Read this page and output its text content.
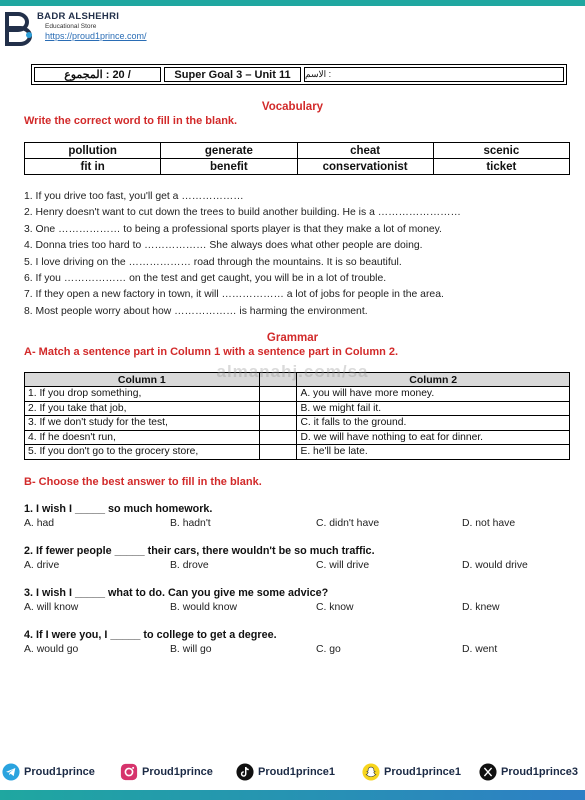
BADR ALSHEHRI
Educational Store
https://proud1prince.com/
/ 20 : المجموع	Super Goal 3 – Unit 11	: الاسم
Vocabulary
Write the correct word to fill in the blank.
pollution	generate	cheat	scenic
fit in	benefit	conservationist	ticket
1. If you drive too fast, you'll get a ………………
2. Henry doesn't want to cut down the trees to build another building. He is a ……………………
3. One ……………… to being a professional sports player is that they make a lot of money.
4. Donna tries too hard to ……………… She always does what other people are doing.
5. I love driving on the ……………… road through the mountains. It is so beautiful.
6. If you ……………… on the test and get caught, you will be in a lot of trouble.
7. If they open a new factory in town, it will ……………… a lot of jobs for people in the area.
8. Most people worry about how ……………… is harming the environment.
Grammar
A- Match a sentence part in Column 1 with a sentence part in Column 2.
Column 1		Column 2
1. If you drop something,		A. you will have more money.
2. If you take that job,		B. we might fail it.
3. If we don't study for the test,		C. it falls to the ground.
4. If he doesn't run,		D. we will have nothing to eat for dinner.
5. If you don't go to the grocery store,		E. he'll be late.
almanahj.com/sa
B- Choose the best answer to fill in the blank.
1. I wish I _____ so much homework.
A. had	B. hadn't	C. didn't have	D. not have
2. If fewer people _____ their cars, there wouldn't be so much traffic.
A. drive	B. drove	C. will drive	D. would drive
3. I wish I _____ what to do. Can you give me some advice?
A. will know	B. would know	C. know	D. knew
4. If I were you, I _____ to college to get a degree.
A. would go	B. will go	C. go	D. went
Proud1prince	Proud1prince	Proud1prince1	Proud1prince1	Proud1prince3
